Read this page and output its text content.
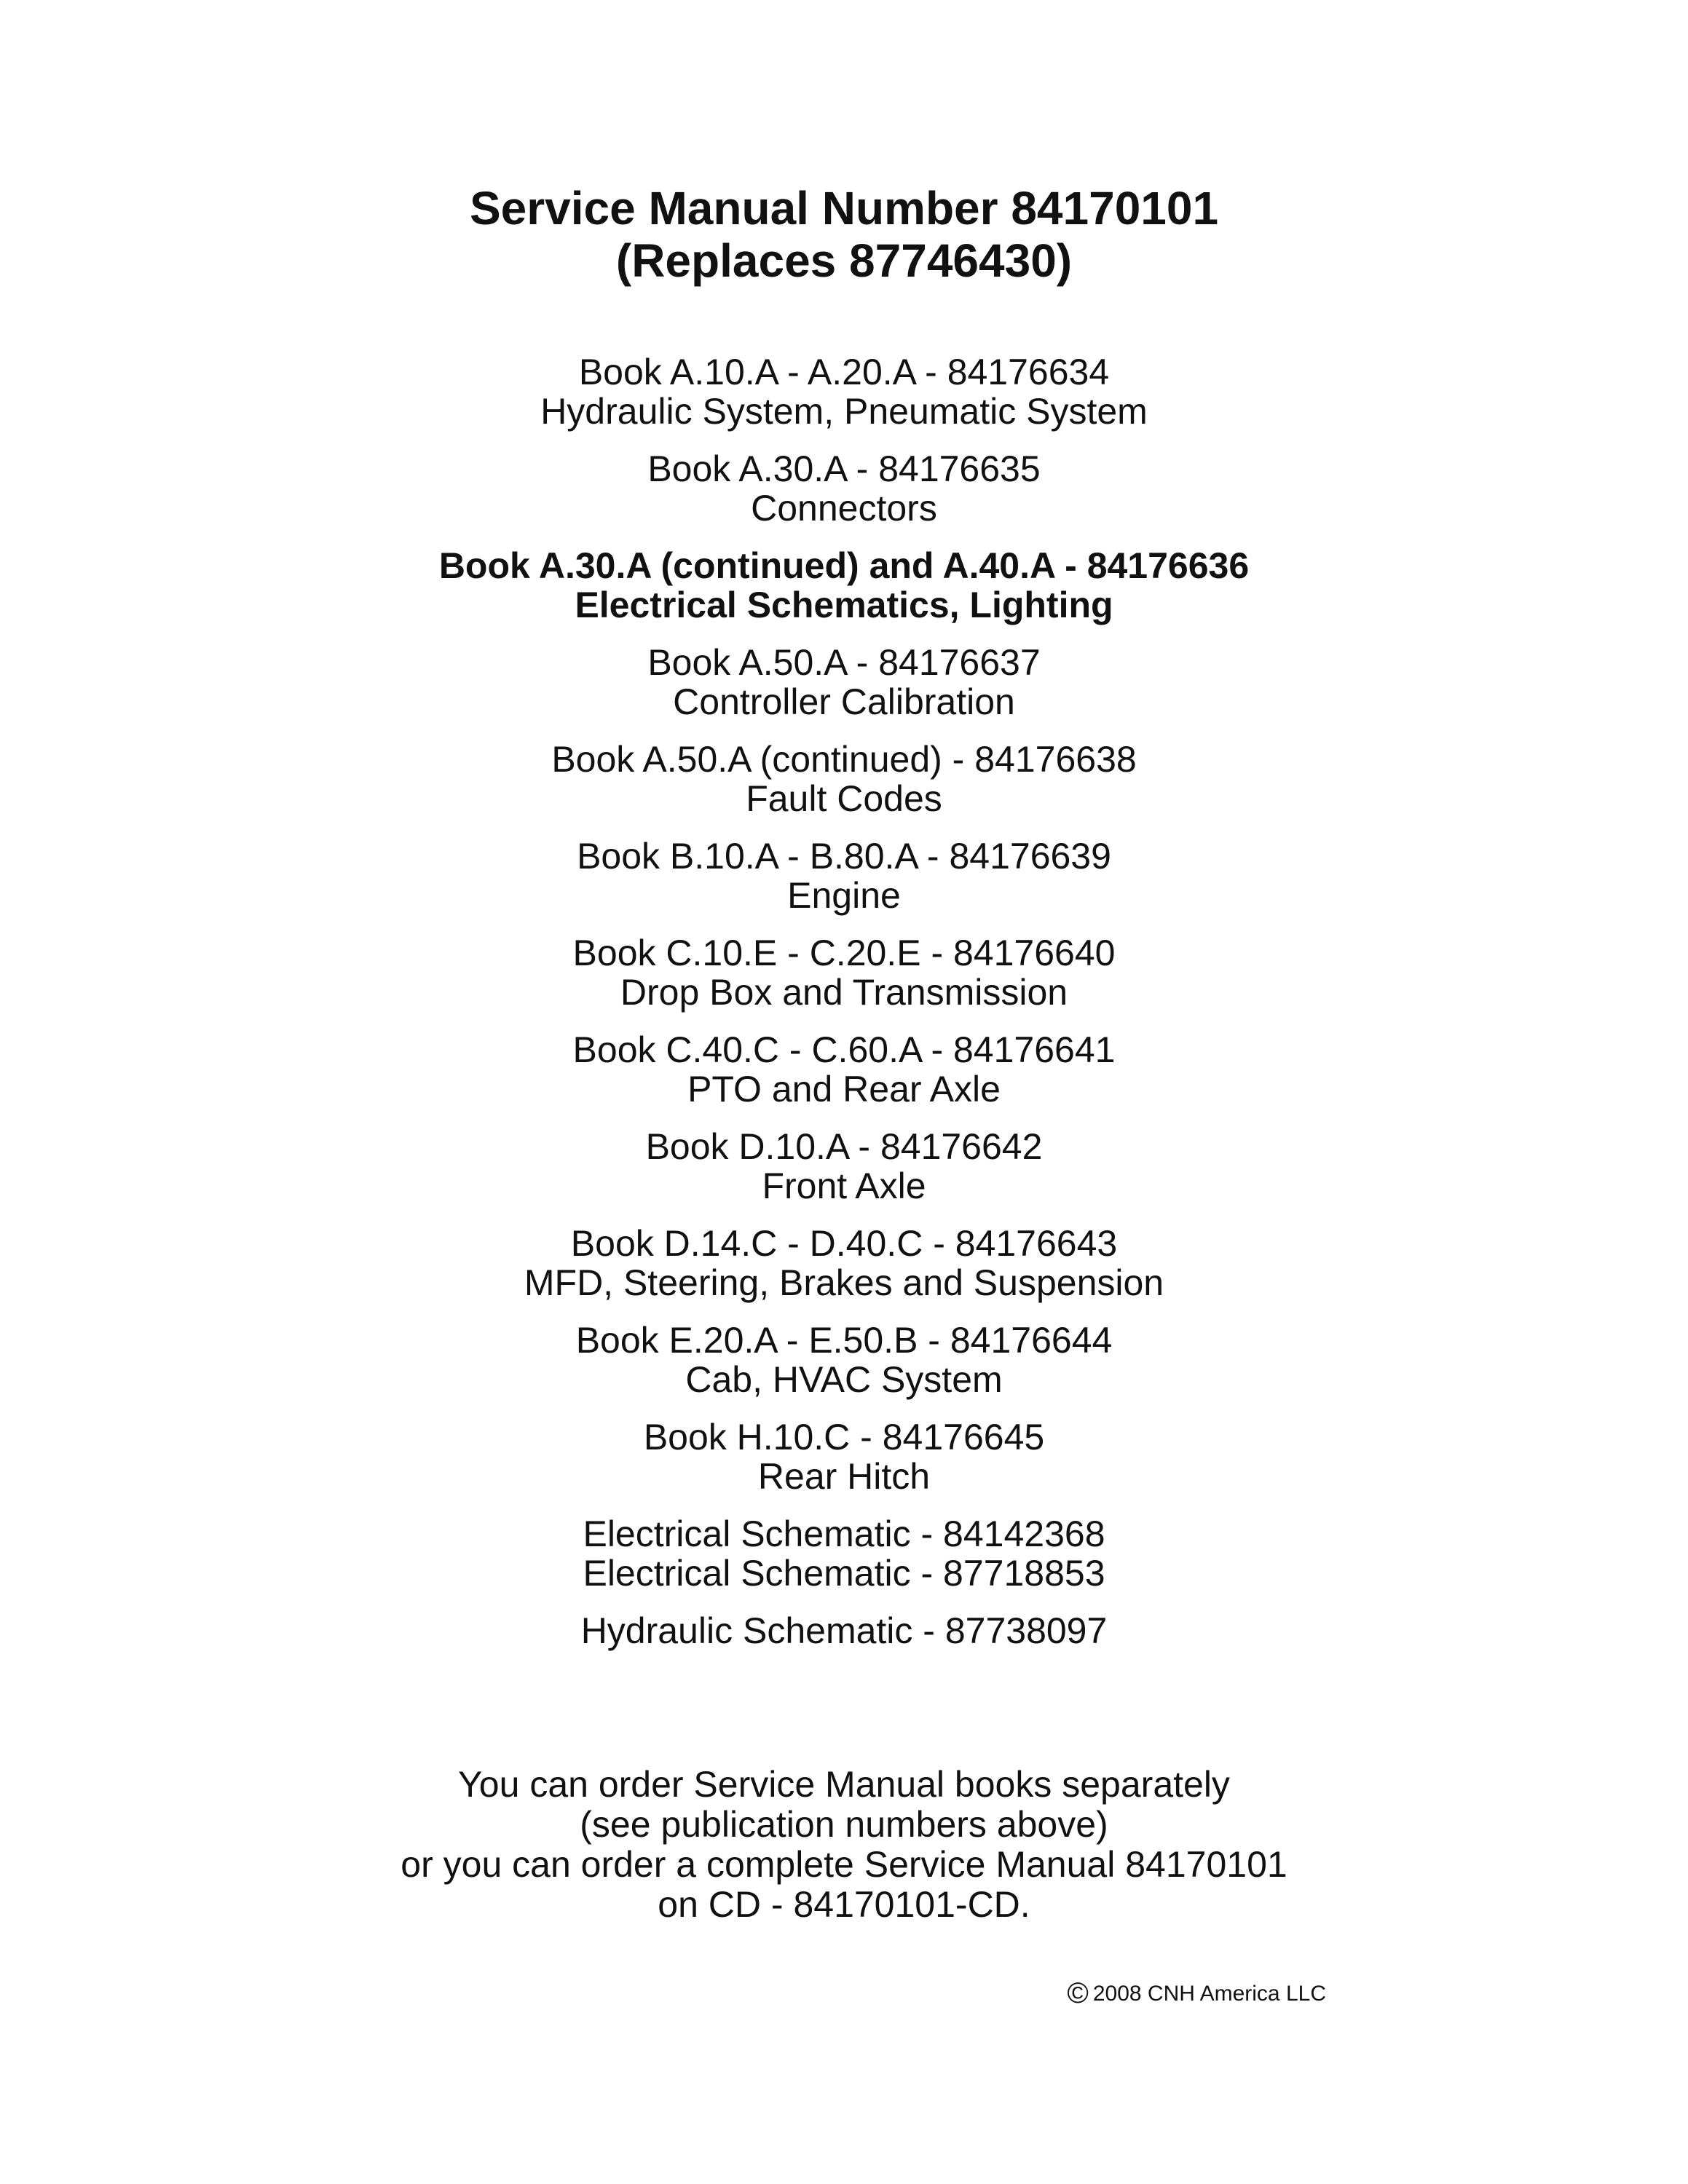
Service Manual Number 84170101
(Replaces 87746430)
Book A.10.A - A.20.A - 84176634
Hydraulic System, Pneumatic System
Book A.30.A - 84176635
Connectors
Book A.30.A (continued) and A.40.A - 84176636
Electrical Schematics, Lighting
Book A.50.A - 84176637
Controller Calibration
Book A.50.A (continued) - 84176638
Fault Codes
Book B.10.A - B.80.A - 84176639
Engine
Book C.10.E - C.20.E - 84176640
Drop Box and Transmission
Book C.40.C - C.60.A - 84176641
PTO and Rear Axle
Book D.10.A - 84176642
Front Axle
Book D.14.C - D.40.C - 84176643
MFD, Steering, Brakes and Suspension
Book E.20.A - E.50.B - 84176644
Cab, HVAC System
Book H.10.C - 84176645
Rear Hitch
Electrical Schematic - 84142368
Electrical Schematic - 87718853
Hydraulic Schematic - 87738097
You can order Service Manual books separately
(see publication numbers above)
or you can order a complete Service Manual 84170101
on CD - 84170101-CD.
© 2008 CNH America LLC
